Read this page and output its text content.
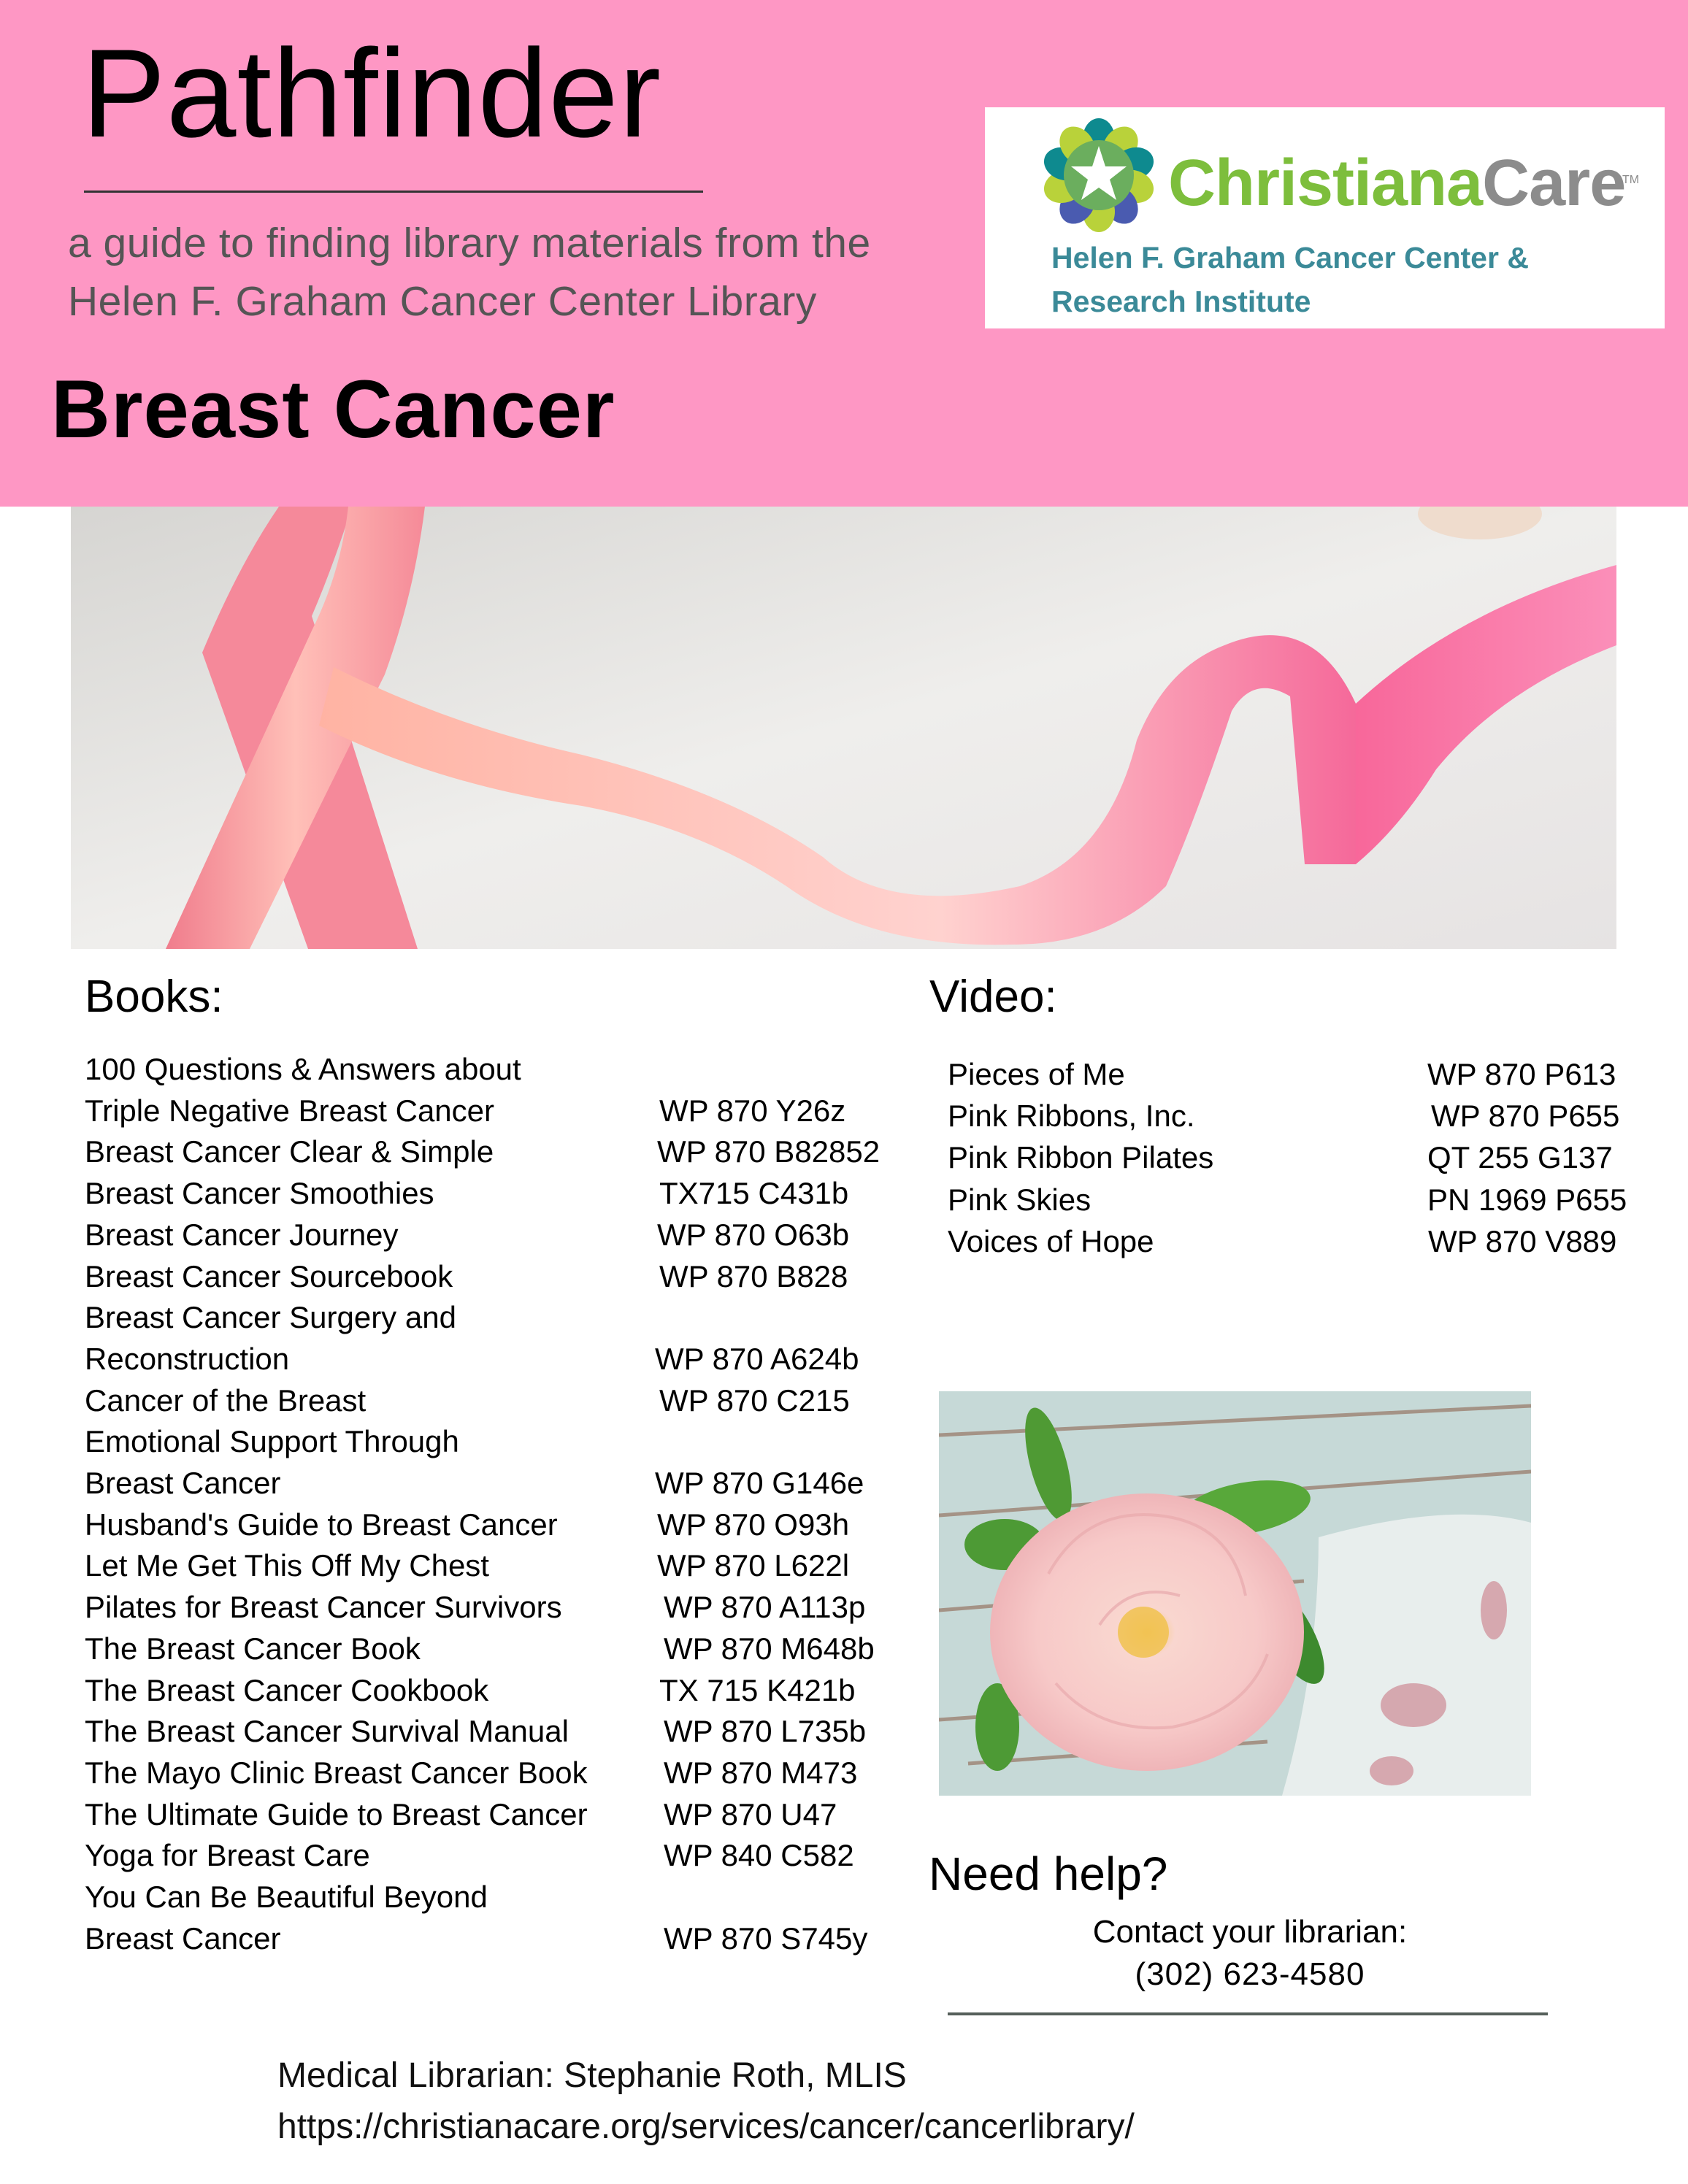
Pathfinder
a guide to finding library materials from the
Helen F. Graham Cancer Center Library
Breast Cancer
ChristianaCare
TM
Helen F. Graham Cancer Center &
Research Institute
Books:
100 Questions & Answers about
Triple Negative Breast Cancer	WP 870 Y26z
Breast Cancer Clear & Simple	WP 870 B82852
Breast Cancer Smoothies	TX715 C431b
Breast Cancer Journey	WP 870 O63b
Breast Cancer Sourcebook	WP 870 B828
Breast Cancer Surgery and
Reconstruction	WP 870 A624b
Cancer of the Breast	WP 870 C215
Emotional Support Through
Breast Cancer	WP 870 G146e
Husband's Guide to Breast Cancer	WP 870 O93h
Let Me Get This Off My Chest	WP 870 L622l
Pilates for Breast Cancer Survivors	WP 870 A113p
The Breast Cancer Book	WP 870 M648b
The Breast Cancer Cookbook	TX 715 K421b
The Breast Cancer Survival Manual	WP 870 L735b
The Mayo Clinic Breast Cancer Book WP 870 M473
The Ultimate Guide to Breast Cancer WP 870 U47
Yoga for Breast Care	WP 840 C582
You Can Be Beautiful Beyond
Breast Cancer	WP 870 S745y
Video:
Pieces of Me	WP 870 P613
Pink Ribbons, Inc.	WP 870 P655
Pink Ribbon Pilates	QT 255 G137
Pink Skies	PN 1969 P655
Voices of Hope	WP 870 V889
Need help?
Contact your librarian:
(302) 623-4580
Medical Librarian: Stephanie Roth, MLIS
https://christianacare.org/services/cancer/cancerlibrary/
